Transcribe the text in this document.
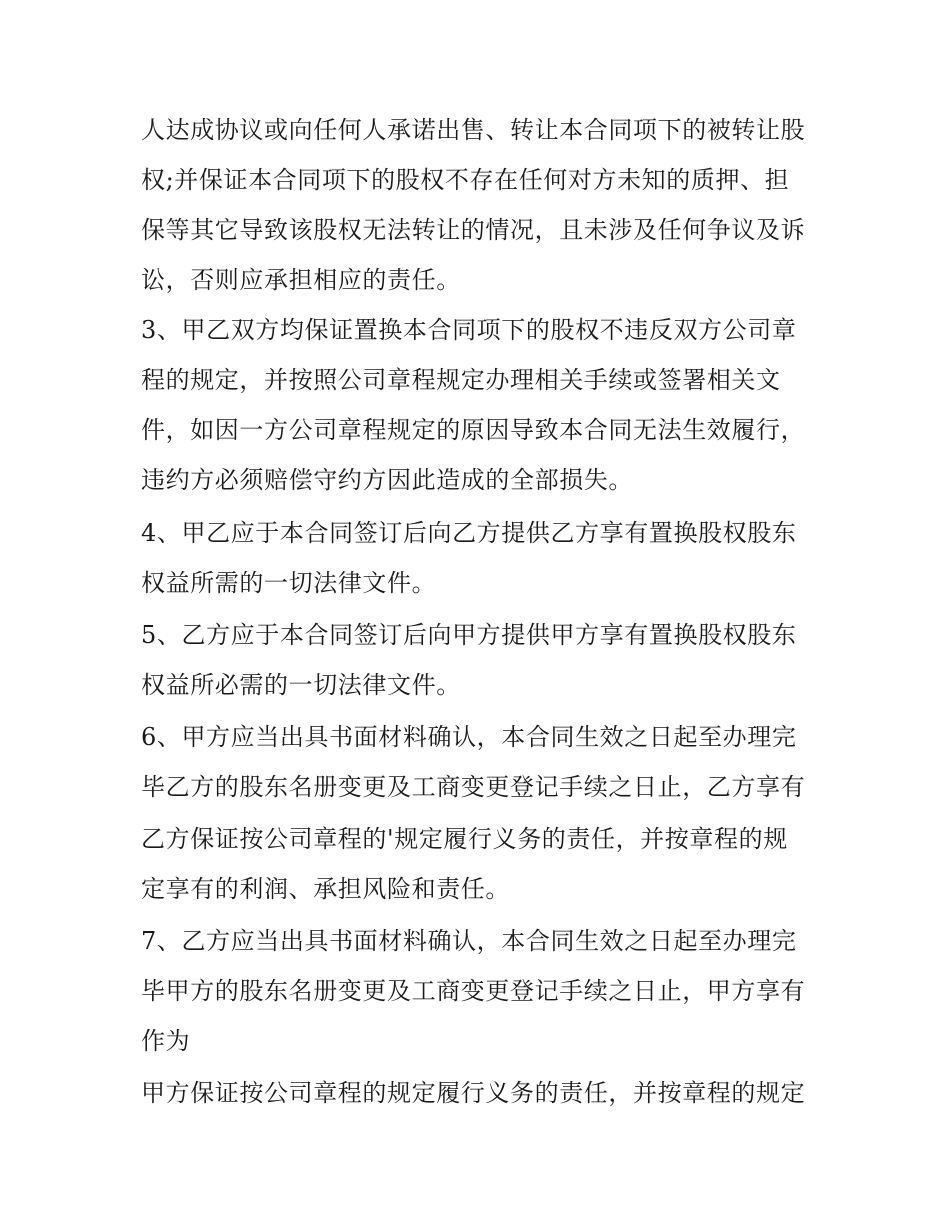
人达成协议或向任何人承诺出售、转让本合同项下的被转让股
权;并保证本合同项下的股权不存在任何对方未知的质押、担
保等其它导致该股权无法转让的情况，且未涉及任何争议及诉
讼，否则应承担相应的责任。
3、甲乙双方均保证置换本合同项下的股权不违反双方公司章
程的规定，并按照公司章程规定办理相关手续或签署相关文
件，如因一方公司章程规定的原因导致本合同无法生效履行，
违约方必须赔偿守约方因此造成的全部损失。
4、甲乙应于本合同签订后向乙方提供乙方享有置换股权股东
权益所需的一切法律文件。
5、乙方应于本合同签订后向甲方提供甲方享有置换股权股东
权益所必需的一切法律文件。
6、甲方应当出具书面材料确认，本合同生效之日起至办理完
毕乙方的股东名册变更及工商变更登记手续之日止，乙方享有
乙方保证按公司章程的'规定履行义务的责任，并按章程的规
定享有的利润、承担风险和责任。
7、乙方应当出具书面材料确认，本合同生效之日起至办理完
毕甲方的股东名册变更及工商变更登记手续之日止，甲方享有
作为
甲方保证按公司章程的规定履行义务的责任，并按章程的规定
